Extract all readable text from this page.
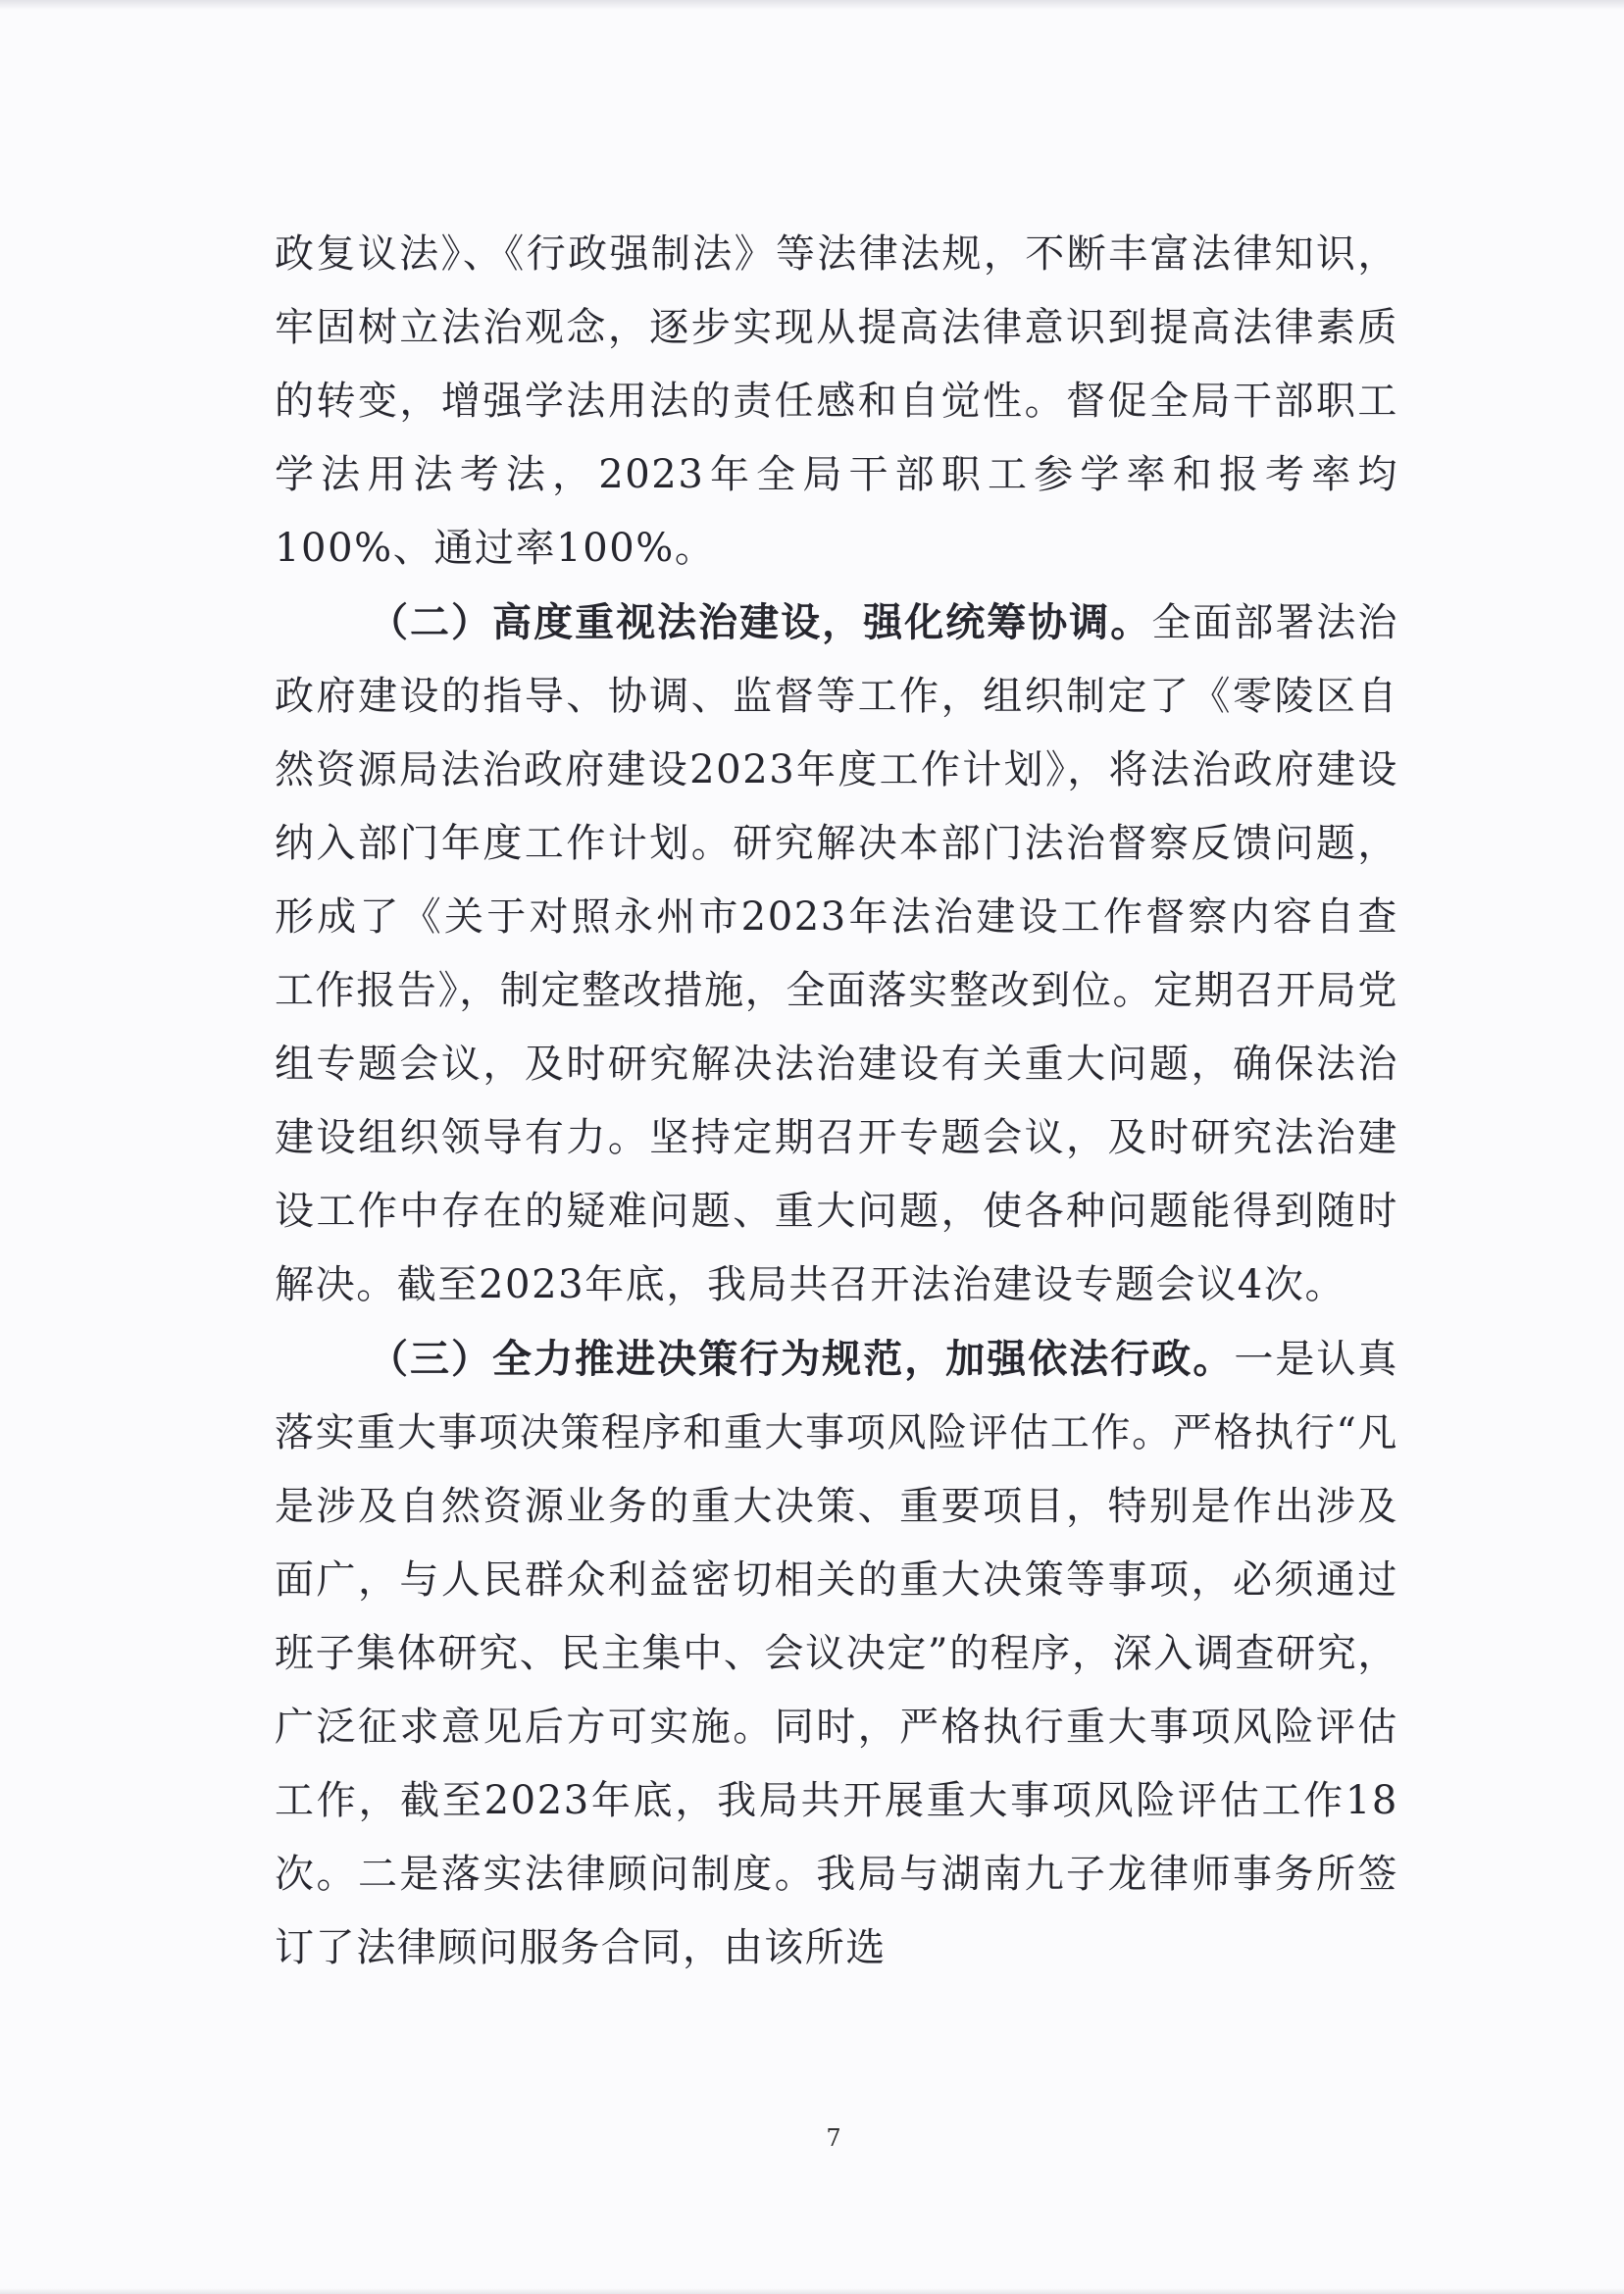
政复议法》、《行政强制法》等法律法规，不断丰富法律知识，牢固树立法治观念，逐步实现从提高法律意识到提高法律素质的转变，增强学法用法的责任感和自觉性。督促全局干部职工学法用法考法，2023年全局干部职工参学率和报考率均100%、通过率100%。

（二）高度重视法治建设，强化统筹协调。全面部署法治政府建设的指导、协调、监督等工作，组织制定了《零陵区自然资源局法治政府建设2023年度工作计划》，将法治政府建设纳入部门年度工作计划。研究解决本部门法治督察反馈问题，形成了《关于对照永州市2023年法治建设工作督察内容自查工作报告》，制定整改措施，全面落实整改到位。定期召开局党组专题会议，及时研究解决法治建设有关重大问题，确保法治建设组织领导有力。坚持定期召开专题会议，及时研究法治建设工作中存在的疑难问题、重大问题，使各种问题能得到随时解决。截至2023年底，我局共召开法治建设专题会议4次。

（三）全力推进决策行为规范，加强依法行政。一是认真落实重大事项决策程序和重大事项风险评估工作。严格执行“凡是涉及自然资源业务的重大决策、重要项目，特别是作出涉及面广，与人民群众利益密切相关的重大决策等事项，必须通过班子集体研究、民主集中、会议决定”的程序，深入调查研究，广泛征求意见后方可实施。同时，严格执行重大事项风险评估工作，截至2023年底，我局共开展重大事项风险评估工作18次。二是落实法律顾问制度。我局与湖南九子龙律师事务所签订了法律顾问服务合同，由该所选

7
